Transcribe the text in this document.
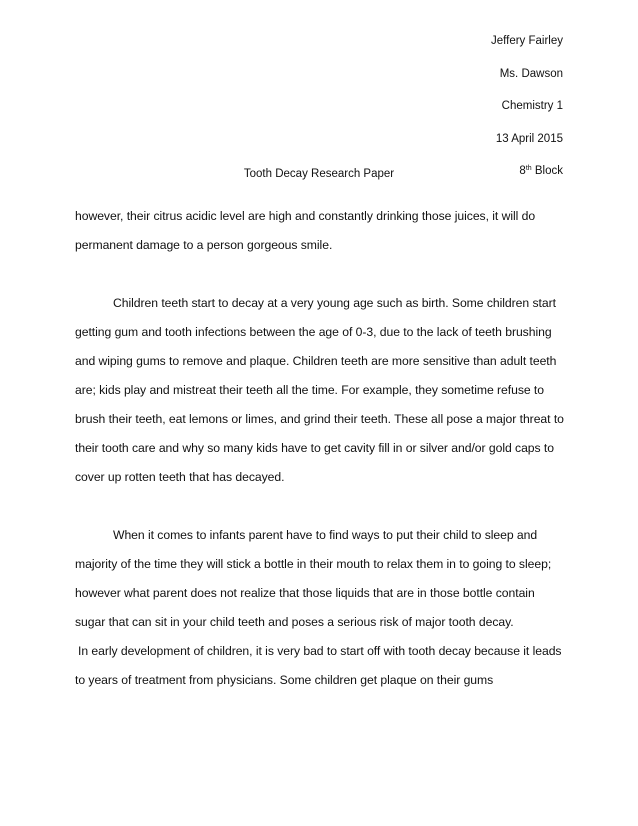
Jeffery Fairley
Ms. Dawson
Chemistry 1
13 April 2015
8th Block
Tooth Decay Research Paper

however, their citrus acidic level are high and constantly drinking those juices, it will do permanent damage to a person gorgeous smile.

Children teeth start to decay at a very young age such as birth. Some children start getting gum and tooth infections between the age of 0-3, due to the lack of teeth brushing and wiping gums to remove and plaque. Children teeth are more sensitive than adult teeth are; kids play and mistreat their teeth all the time. For example, they sometime refuse to brush their teeth, eat lemons or limes, and grind their teeth. These all pose a major threat to their tooth care and why so many kids have to get cavity fill in or silver and/or gold caps to cover up rotten teeth that has decayed.

When it comes to infants parent have to find ways to put their child to sleep and majority of the time they will stick a bottle in their mouth to relax them in to going to sleep; however what parent does not realize that those liquids that are in those bottle contain sugar that can sit in your child teeth and poses a serious risk of major tooth decay.

In early development of children, it is very bad to start off with tooth decay because it leads to years of treatment from physicians. Some children get plaque on their gums
